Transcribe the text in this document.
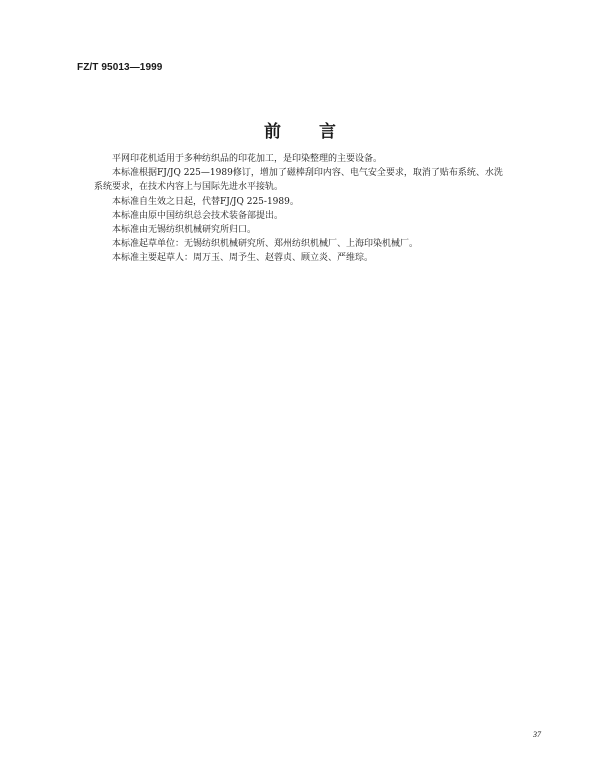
FZ/T 95013—1999
前言

平网印花机适用于多种纺织品的印花加工，是印染整理的主要设备。

本标准根据FJ/JQ 225—1989修订，增加了磁棒刮印内容、电气安全要求，取消了贴布系统、水洗系统要求，在技术内容上与国际先进水平接轨。

本标准自生效之日起，代替FJ/JQ 225-1989。

本标准由原中国纺织总会技术装备部提出。

本标准由无锡纺织机械研究所归口。

本标准起草单位：无锡纺织机械研究所、郑州纺织机械厂、上海印染机械厂。

本标准主要起草人：周万玉、周予生、赵蓉贞、顾立炎、严维琮。

37
